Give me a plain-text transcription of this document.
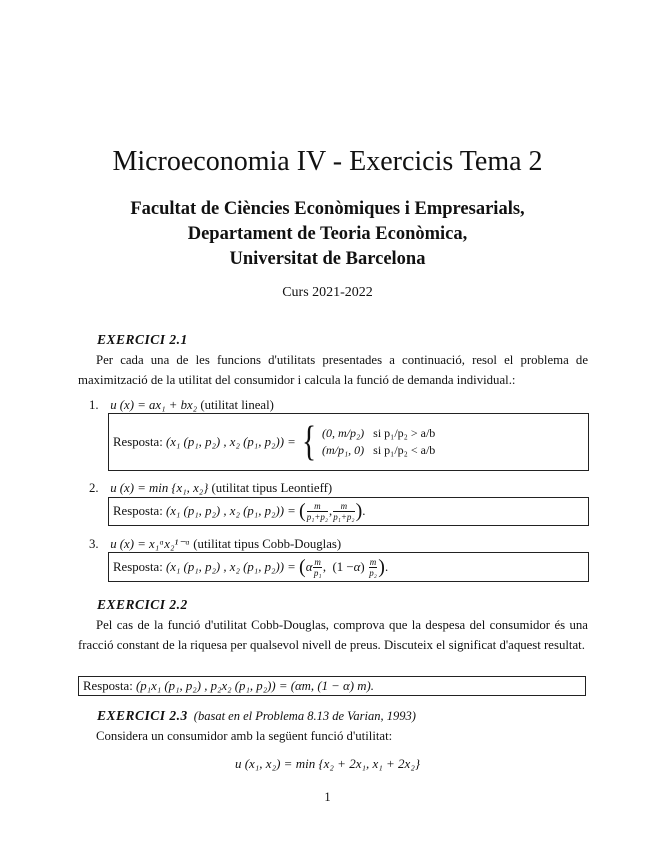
Microeconomia IV - Exercicis Tema 2
Facultat de Ciències Econòmiques i Empresarials,
Departament de Teoria Econòmica,
Universitat de Barcelona
Curs 2021-2022
EXERCICI 2.1
Per cada una de les funcions d'utilitats presentades a continuació, resol el problema de maximització de la utilitat del consumidor i calcula la funció de demanda individual.:
1. u (x) = ax₁ + bx₂ (utilitat lineal)
Resposta:
(x₁ (p₁, p₂) , x₂ (p₁, p₂)) = { (0, m/p₂) si p₁/p₂ > a/b
(m/p₁, 0) si p₁/p₂ < a/b
2. u (x) = min {x₁, x₂} (utilitat tipus Leontieff)
Resposta:
(x₁ (p₁, p₂) , x₂ (p₁, p₂)) =
( $\frac{m}{\text{p₁+p₂}}$ , $\frac{m}{\text{p₁+p₂}}$ ) .
3. u (x) = x₁ᵅx₂¹⁻ᵅ (utilitat tipus Cobb-Douglas)
Resposta:
(x₁ (p₁, p₂) , x₂ (p₁, p₂)) =
( α $\frac{m}{\text{p₁}}$ ,  (1 − α ) $\frac{m}{\text{p₂}}$ ) .
EXERCICI 2.2
Pel cas de la funció d'utilitat Cobb-Douglas, comprova que la despesa del consumidor és una fracció constant de la riquesa per qualsevol nivell de preus. Discuteix el significat d'aquest resultat.
Resposta:
(p₁x₁ (p₁, p₂) , p₂x₂ (p₁, p₂)) = (αm, (1 − α) m).
EXERCICI 2.3 (basat en el Problema 8.13 de Varian, 1993)
Considera un consumidor amb la següent funció d'utilitat:
u (x₁, x₂) = min {x₂ + 2x₁, x₁ + 2x₂}
1
